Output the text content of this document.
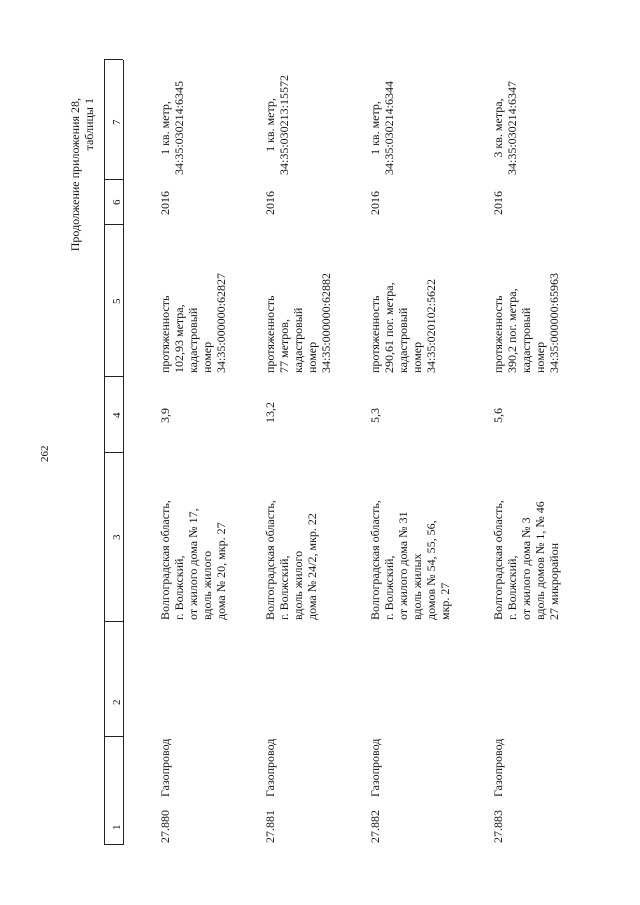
262
Продолжение приложения 28, таблицы 1
1
2
3
4
5
6
7
27.880
Газопровод
Волгоградская область, г. Волжский, от жилого дома № 17, вдоль жилого дома № 20, мкр. 27
3,9
протяженность 102,93 метра, кадастровый номер 34:35:000000:62827
2016
1 кв. метр, 34:35:030214:6345
27.881
Газопровод
Волгоградская область, г. Волжский, вдоль жилого дома № 24/2, мкр. 22
13,2
протяженность 77 метров, кадастровый номер 34:35:000000:62882
2016
1 кв. метр, 34:35:030213:15572
27.882
Газопровод
Волгоградская область, г. Волжский, от жилого дома № 31 вдоль жилых домов № 54, 55, 56, мкр. 27
5,3
протяженность 290,61 пог. метра, кадастровый номер 34:35:020102:5622
2016
1 кв. метр, 34:35:030214:6344
27.883
Газопровод
Волгоградская область, г. Волжский, от жилого дома № 3 вдоль домов № 1, № 46 27 микрорайон
5,6
протяженность 390,2 пог. метра, кадастровый номер 34:35:000000:65963
2016
3 кв. метра, 34:35:030214:6347
